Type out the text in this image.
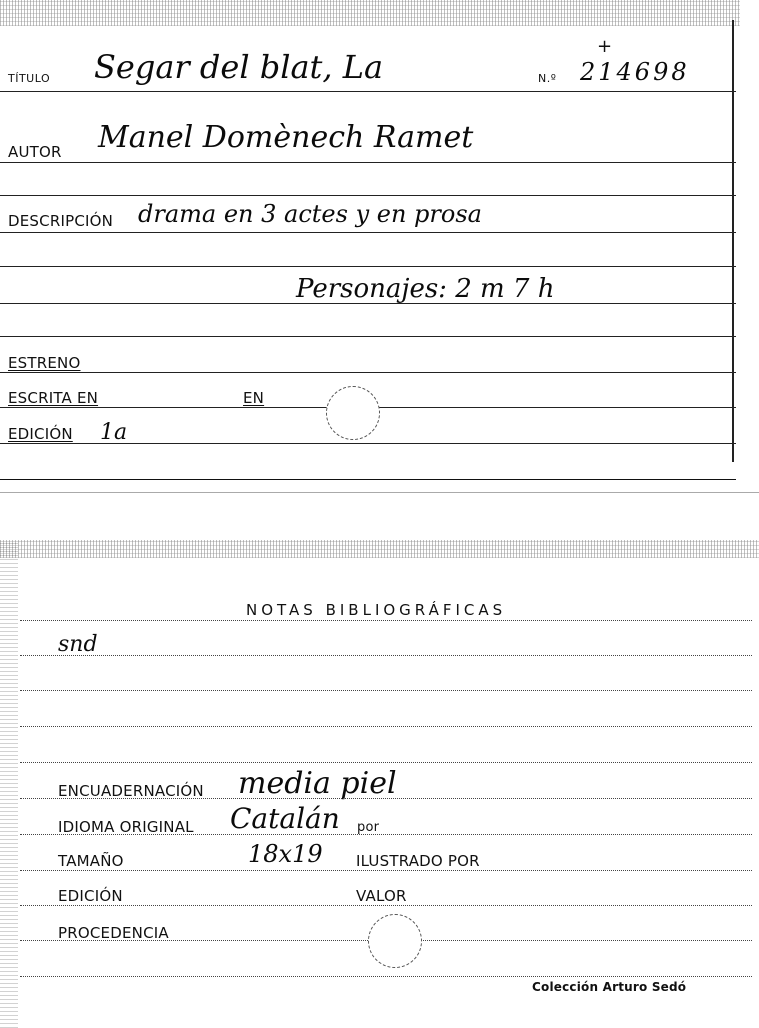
TÍTULO Segar del blat, La	N.º 214698
+
AUTOR Manel Domènech Ramet
DESCRIPCIÓN drama en 3 actes y en prosa
Personajes: 2 m 7 h
ESTRENO
ESCRITA EN	EN
EDICIÓN 1a
NOTAS BIBLIOGRÁFICAS
snd
ENCUADERNACIÓN media piel
IDIOMA ORIGINAL Catalán por
TAMAÑO	18x19 ILUSTRADO POR
EDICIÓN	VALOR
PROCEDENCIA
Colección Arturo Sedó
